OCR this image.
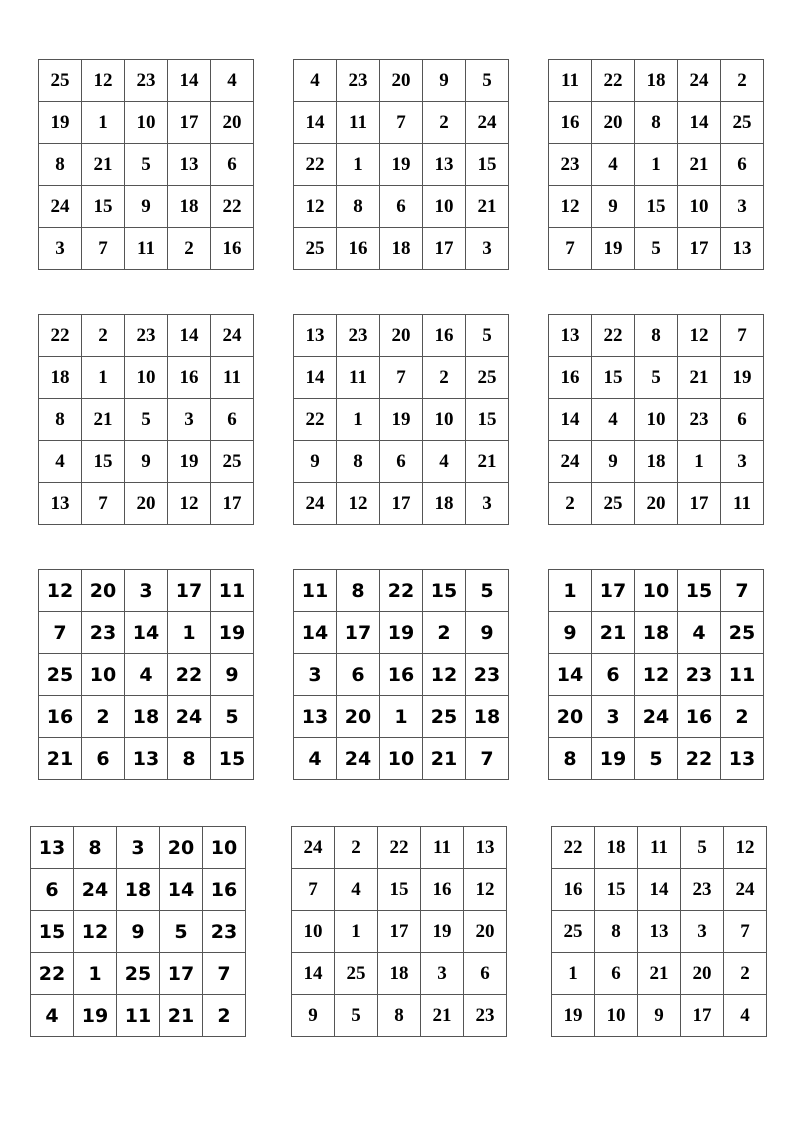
25	12	23	14	4
19	1	10	17	20
8	21	5	13	6
24	15	9	18	22
3	7	11	2	16
4	23	20	9	5
14	11	7	2	24
22	1	19	13	15
12	8	6	10	21
25	16	18	17	3
11	22	18	24	2
16	20	8	14	25
23	4	1	21	6
12	9	15	10	3
7	19	5	17	13
22	2	23	14	24
18	1	10	16	11
8	21	5	3	6
4	15	9	19	25
13	7	20	12	17
13	23	20	16	5
14	11	7	2	25
22	1	19	10	15
9	8	6	4	21
24	12	17	18	3
13	22	8	12	7
16	15	5	21	19
14	4	10	23	6
24	9	18	1	3
2	25	20	17	11
12	20	3	17	11
7	23	14	1	19
25	10	4	22	9
16	2	18	24	5
21	6	13	8	15
11	8	22	15	5
14	17	19	2	9
3	6	16	12	23
13	20	1	25	18
4	24	10	21	7
1	17	10	15	7
9	21	18	4	25
14	6	12	23	11
20	3	24	16	2
8	19	5	22	13
13	8	3	20	10
6	24	18	14	16
15	12	9	5	23
22	1	25	17	7
4	19	11	21	2
24	2	22	11	13
7	4	15	16	12
10	1	17	19	20
14	25	18	3	6
9	5	8	21	23
22	18	11	5	12
16	15	14	23	24
25	8	13	3	7
1	6	21	20	2
19	10	9	17	4
